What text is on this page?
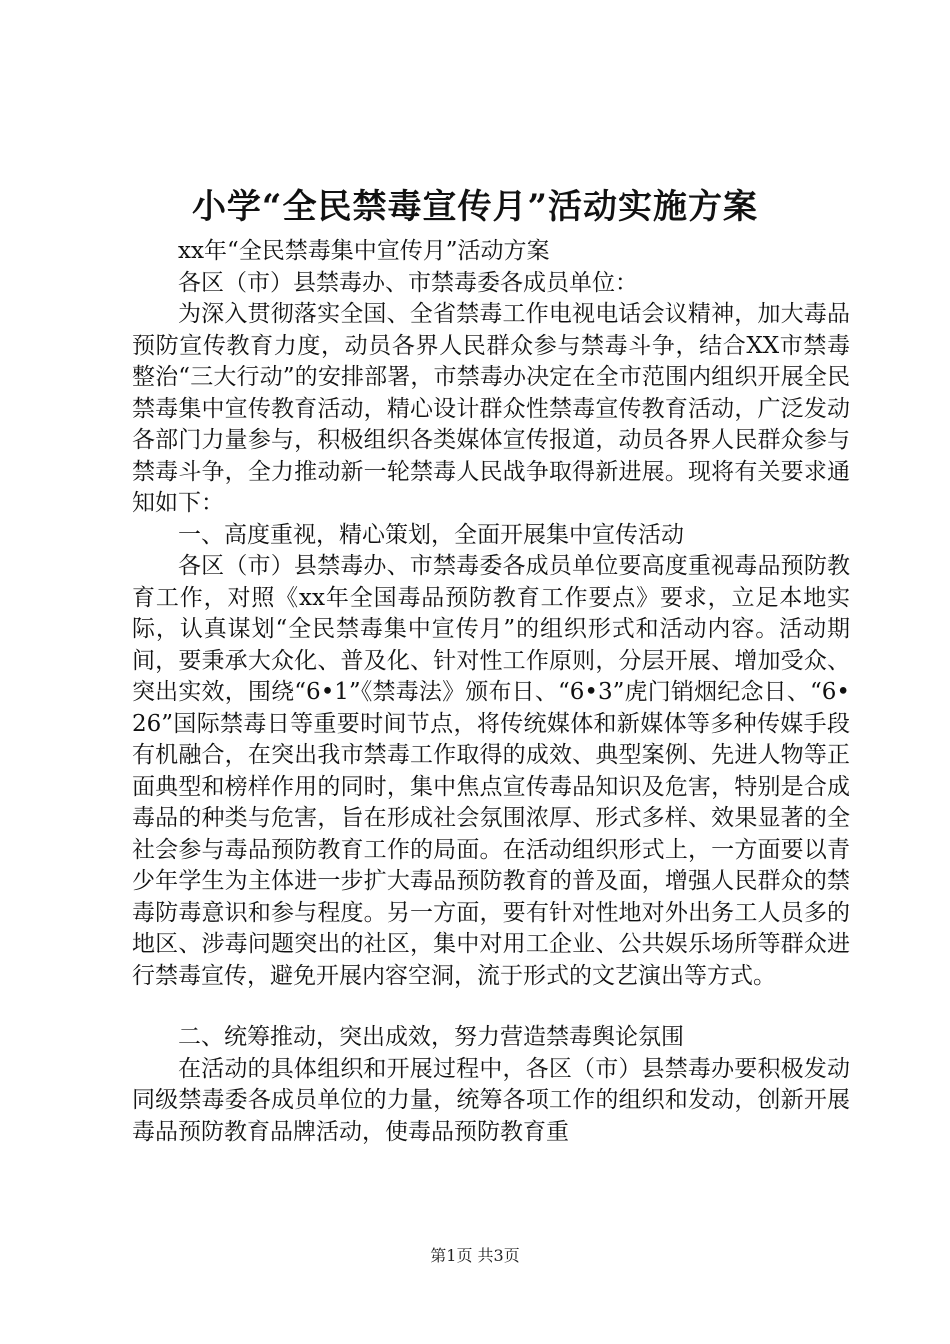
小学“全民禁毒宣传月”活动实施方案

xx年“全民禁毒集中宣传月”活动方案

各区（市）县禁毒办、市禁毒委各成员单位：

为深入贯彻落实全国、全省禁毒工作电视电话会议精神，加大毒品预防宣传教育力度，动员各界人民群众参与禁毒斗争，结合XX市禁毒整治“三大行动”的安排部署，市禁毒办决定在全市范围内组织开展全民禁毒集中宣传教育活动，精心设计群众性禁毒宣传教育活动，广泛发动各部门力量参与，积极组织各类媒体宣传报道，动员各界人民群众参与禁毒斗争，全力推动新一轮禁毒人民战争取得新进展。现将有关要求通知如下：

一、高度重视，精心策划，全面开展集中宣传活动

各区（市）县禁毒办、市禁毒委各成员单位要高度重视毒品预防教育工作，对照《xx年全国毒品预防教育工作要点》要求，立足本地实际，认真谋划“全民禁毒集中宣传月”的组织形式和活动内容。活动期间，要秉承大众化、普及化、针对性工作原则，分层开展、增加受众、突出实效，围绕“6•1”《禁毒法》颁布日、“6•3”虎门销烟纪念日、“6•26”国际禁毒日等重要时间节点，将传统媒体和新媒体等多种传媒手段有机融合，在突出我市禁毒工作取得的成效、典型案例、先进人物等正面典型和榜样作用的同时，集中焦点宣传毒品知识及危害，特别是合成毒品的种类与危害，旨在形成社会氛围浓厚、形式多样、效果显著的全社会参与毒品预防教育工作的局面。在活动组织形式上，一方面要以青少年学生为主体进一步扩大毒品预防教育的普及面，增强人民群众的禁毒防毒意识和参与程度。另一方面，要有针对性地对外出务工人员多的地区、涉毒问题突出的社区，集中对用工企业、公共娱乐场所等群众进行禁毒宣传，避免开展内容空洞，流于形式的文艺演出等方式。

二、统筹推动，突出成效，努力营造禁毒舆论氛围

在活动的具体组织和开展过程中，各区（市）县禁毒办要积极发动同级禁毒委各成员单位的力量，统筹各项工作的组织和发动，创新开展毒品预防教育品牌活动，使毒品预防教育重

第1页 共3页
